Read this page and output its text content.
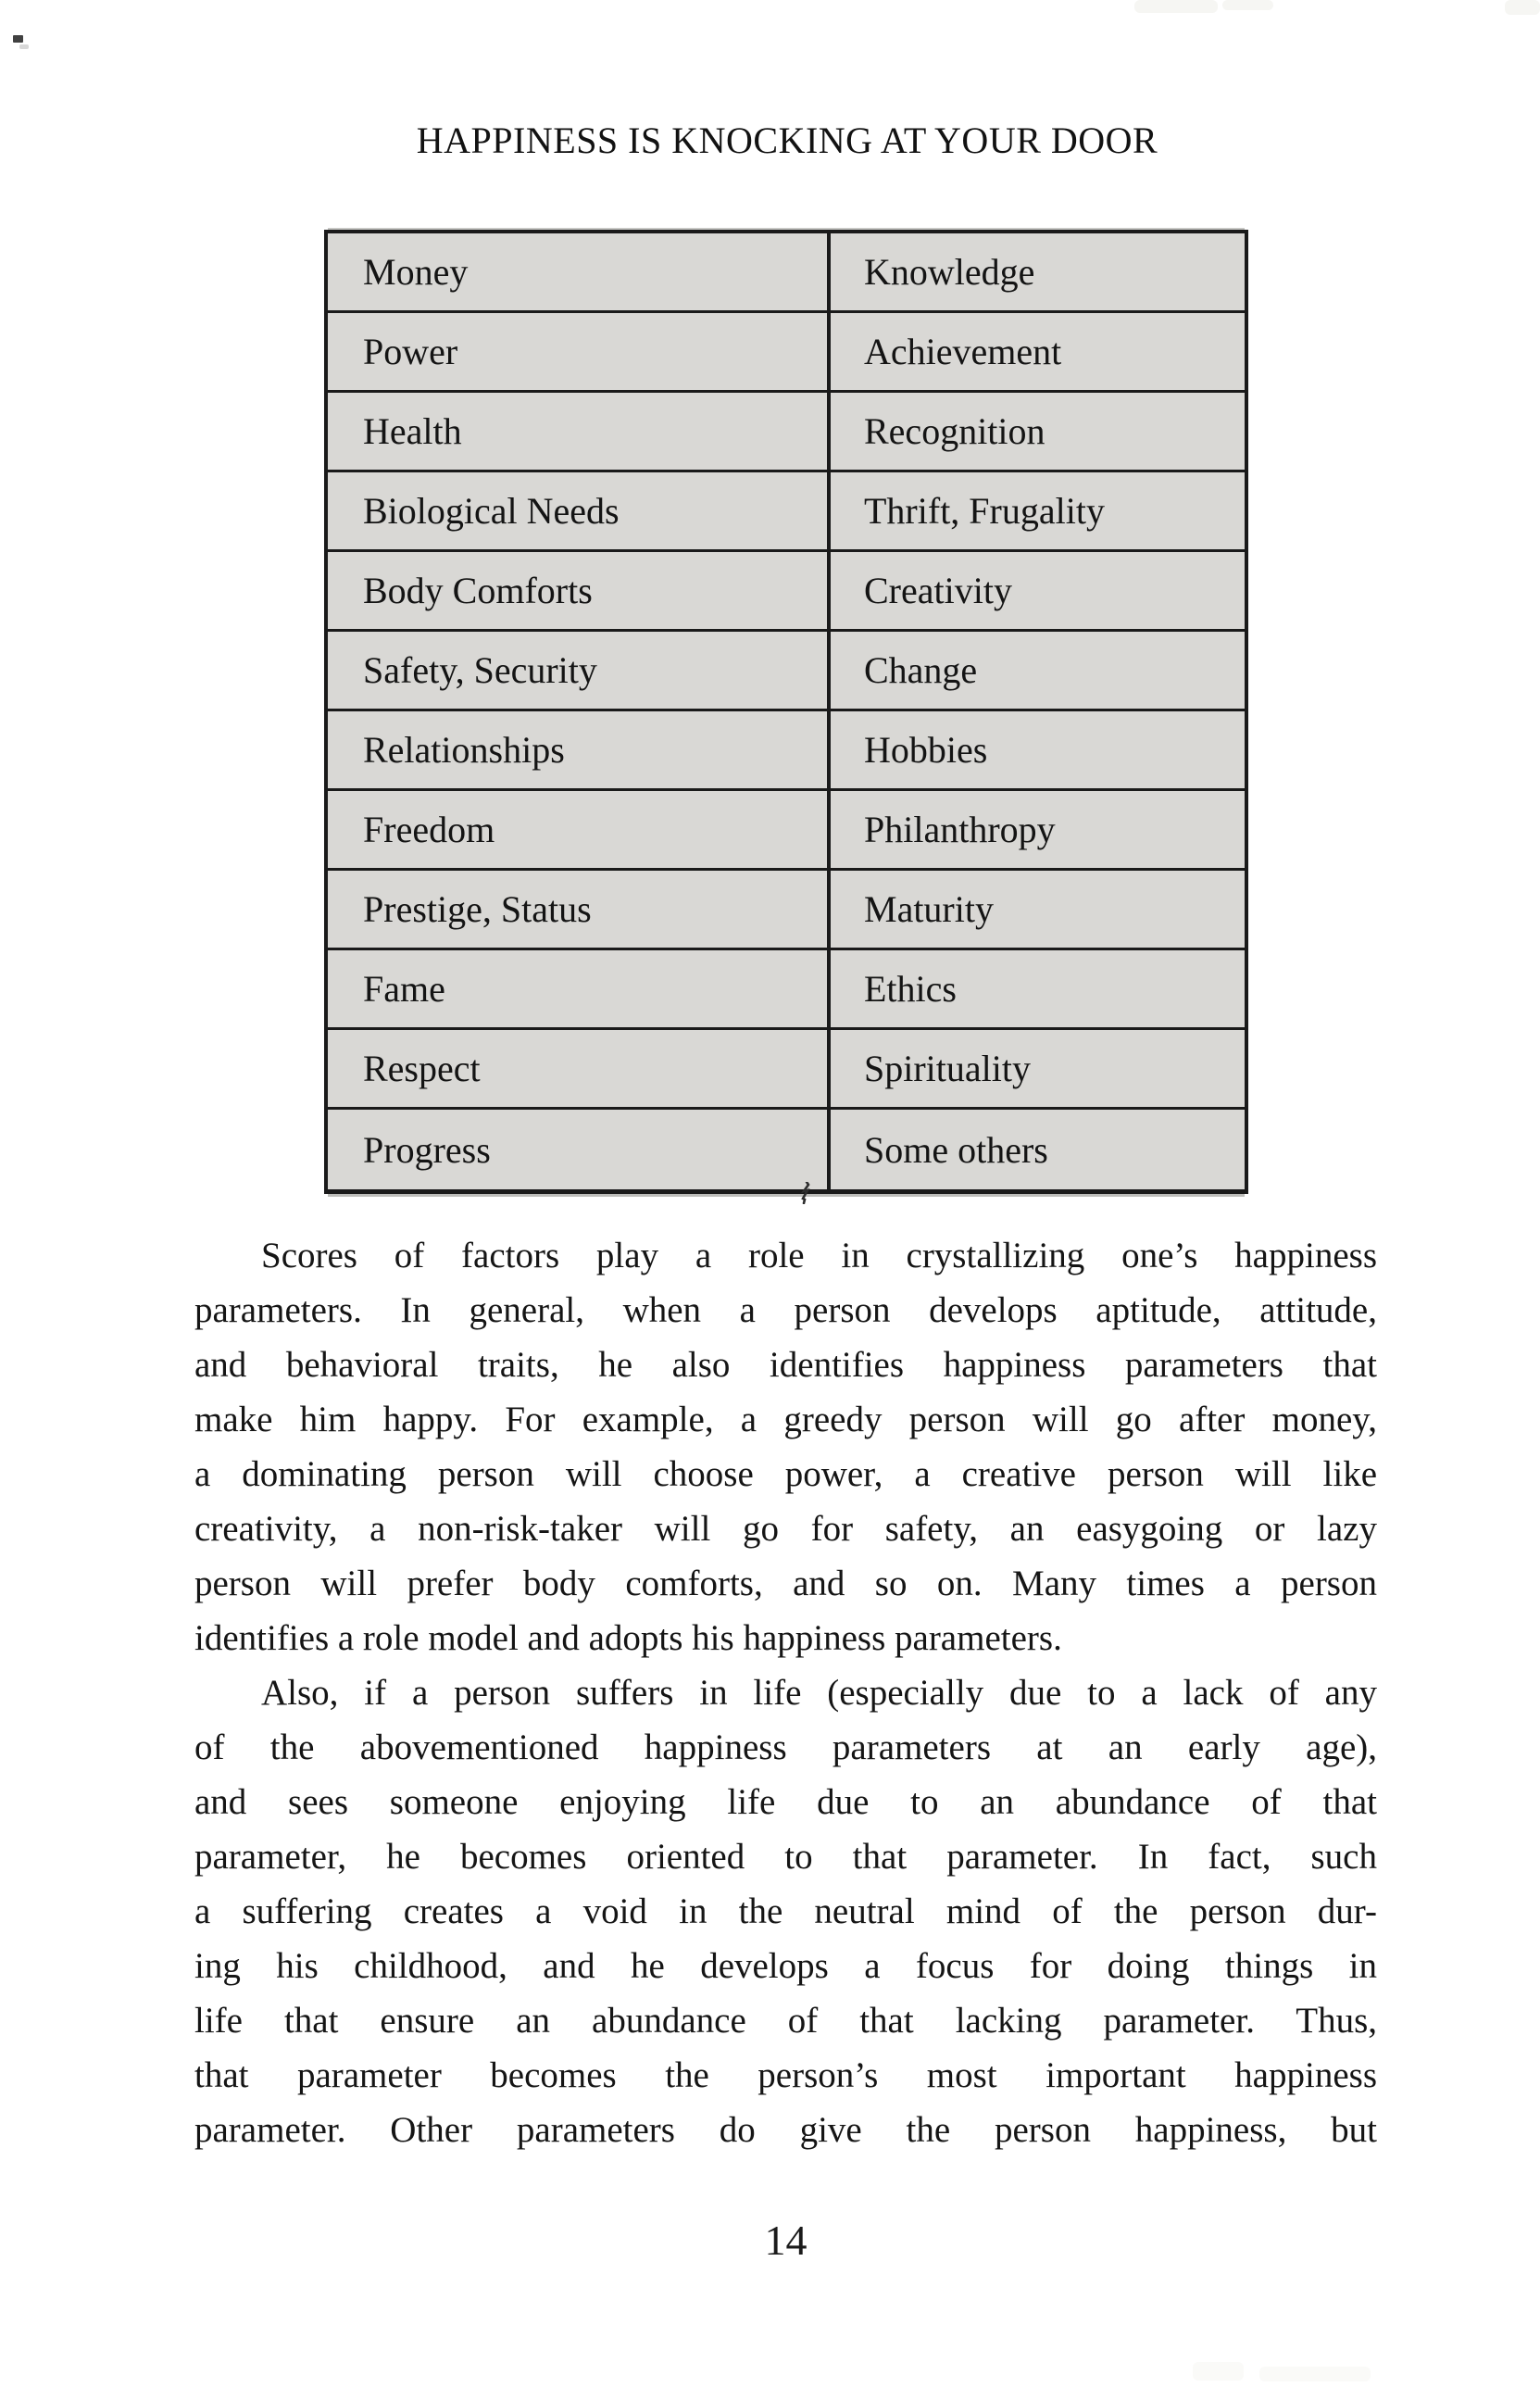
HAPPINESS IS KNOCKING AT YOUR DOOR
Money	Knowledge
Power	Achievement
Health	Recognition
Biological Needs	Thrift, Frugality
Body Comforts	Creativity
Safety, Security	Change
Relationships	Hobbies
Freedom	Philanthropy
Prestige, Status	Maturity
Fame	Ethics
Respect	Spirituality
Progress	Some others
Scores of factors play a role in crystallizing one’s happiness
parameters. In general, when a person develops aptitude, attitude,
and behavioral traits, he also identifies happiness parameters that
make him happy. For example, a greedy person will go after money,
a dominating person will choose power, a creative person will like
creativity, a non-risk-taker will go for safety, an easygoing or lazy
person will prefer body comforts, and so on. Many times a person
identifies a role model and adopts his happiness parameters.
Also, if a person suffers in life (especially due to a lack of any
of the abovementioned happiness parameters at an early age),
and sees someone enjoying life due to an abundance of that
parameter, he becomes oriented to that parameter. In fact, such
a suffering creates a void in the neutral mind of the person dur-
ing his childhood, and he develops a focus for doing things in
life that ensure an abundance of that lacking parameter. Thus,
that parameter becomes the person’s most important happiness
parameter. Other parameters do give the person happiness, but
14
